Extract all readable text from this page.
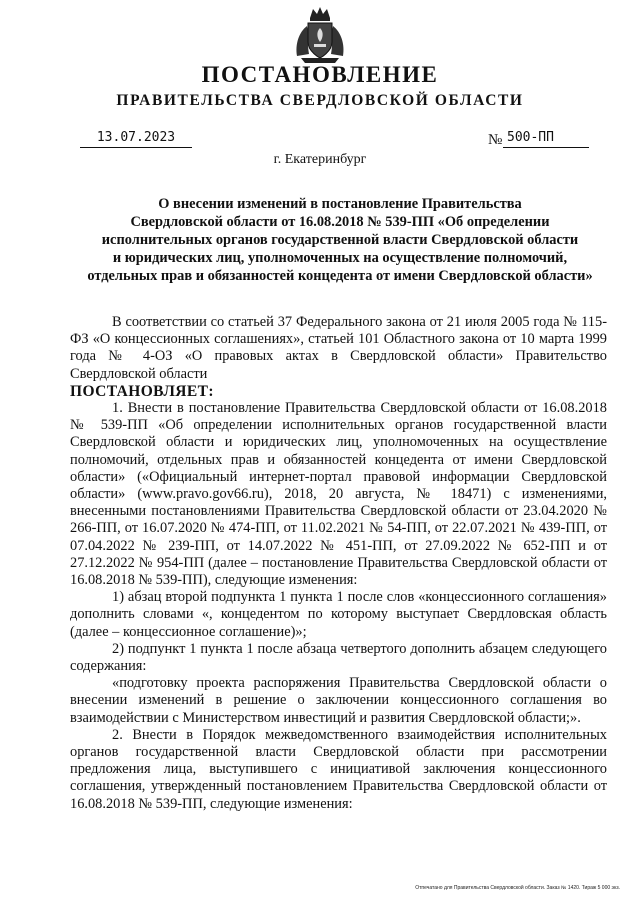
ПОСТАНОВЛЕНИЕ
ПРАВИТЕЛЬСТВА СВЕРДЛОВСКОЙ ОБЛАСТИ
13.07.2023	№ 500-ПП
г. Екатеринбург
О внесении изменений в постановление Правительства
Свердловской области от 16.08.2018 № 539-ПП «Об определении
исполнительных органов государственной власти Свердловской области
и юридических лиц, уполномоченных на осуществление полномочий,
отдельных прав и обязанностей концедента от имени Свердловской области»

В соответствии со статьей 37 Федерального закона от 21 июля 2005 года № 115-ФЗ «О концессионных соглашениях», статьей 101 Областного закона от 10 марта 1999 года № 4-ОЗ «О правовых актах в Свердловской области» Правительство Свердловской области

ПОСТАНОВЛЯЕТ:

1. Внести в постановление Правительства Свердловской области от 16.08.2018 № 539-ПП «Об определении исполнительных органов государственной власти Свердловской области и юридических лиц, уполномоченных на осуществление полномочий, отдельных прав и обязанностей концедента от имени Свердловской области» («Официальный интернет-портал правовой информации Свердловской области» (www.pravo.gov66.ru), 2018, 20 августа, № 18471) с изменениями, внесенными постановлениями Правительства Свердловской области от 23.04.2020 № 266-ПП, от 16.07.2020 № 474-ПП, от 11.02.2021 № 54-ПП, от 22.07.2021 № 439-ПП, от 07.04.2022 № 239-ПП, от 14.07.2022 № 451-ПП, от 27.09.2022 № 652-ПП и от 27.12.2022 № 954-ПП (далее – постановление Правительства Свердловской области от 16.08.2018 № 539-ПП), следующие изменения:

1) абзац второй подпункта 1 пункта 1 после слов «концессионного соглашения» дополнить словами «, концедентом по которому выступает Свердловская область (далее – концессионное соглашение)»;

2) подпункт 1 пункта 1 после абзаца четвертого дополнить абзацем следующего содержания:

«подготовку проекта распоряжения Правительства Свердловской области о внесении изменений в решение о заключении концессионного соглашения во взаимодействии с Министерством инвестиций и развития Свердловской области;».

2. Внести в Порядок межведомственного взаимодействия исполнительных органов государственной власти Свердловской области при рассмотрении предложения лица, выступившего с инициативой заключения концессионного соглашения, утвержденный постановлением Правительства Свердловской области от 16.08.2018 № 539-ПП, следующие изменения:

Отпечатано для Правительства Свердловской области. Заказ № 1420. Тираж 5 000 экз.
